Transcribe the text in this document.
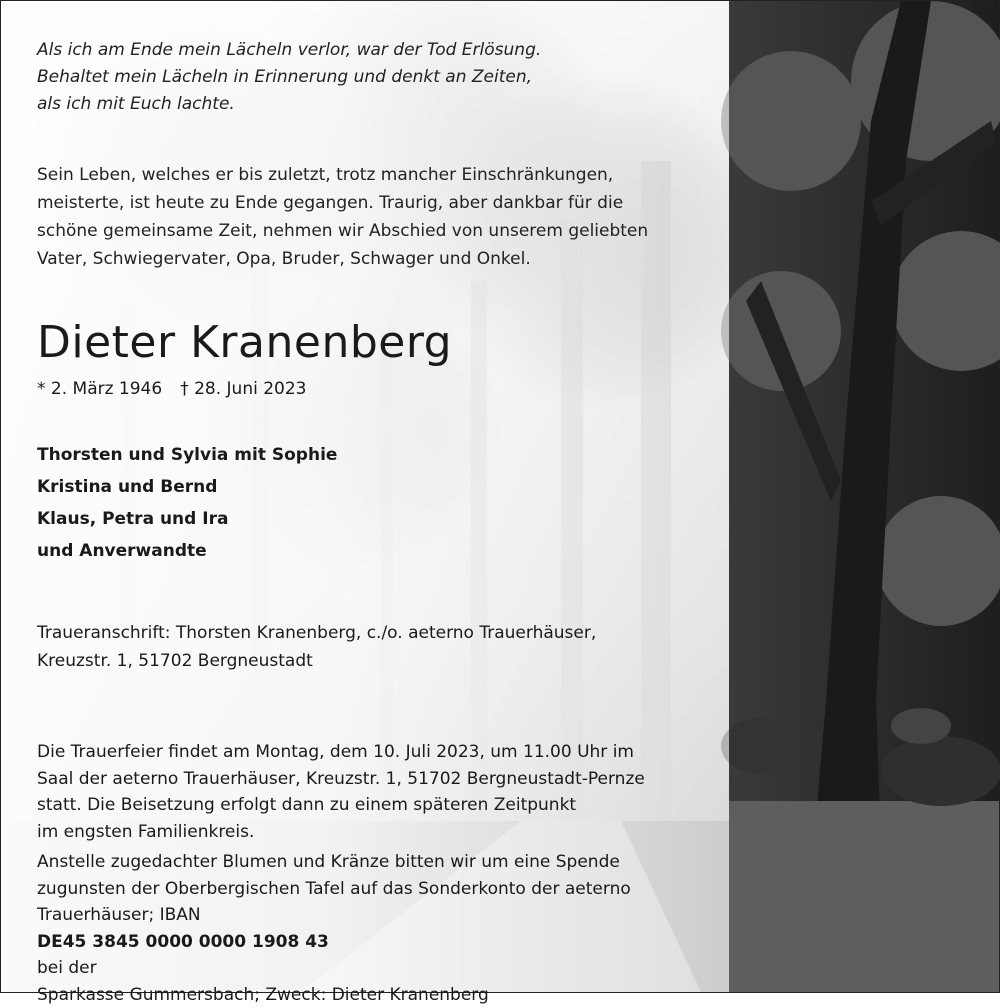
Als ich am Ende mein Lächeln verlor, war der Tod Erlösung.
Behaltet mein Lächeln in Erinnerung und denkt an Zeiten,
als ich mit Euch lachte.

Sein Leben, welches er bis zuletzt, trotz mancher Einschränkungen,
meisterte, ist heute zu Ende gegangen. Traurig, aber dankbar für die
schöne gemeinsame Zeit, nehmen wir Abschied von unserem geliebten
Vater, Schwiegervater, Opa, Bruder, Schwager und Onkel.

Dieter Kranenberg
* 2. März 1946 † 28. Juni 2023
Thorsten und Sylvia mit Sophie
Kristina und Bernd
Klaus, Petra und Ira
und Anverwandte
Traueranschrift: Thorsten Kranenberg, c./o. aeterno Trauerhäuser,
Kreuzstr. 1, 51702 Bergneustadt
Die Trauerfeier findet am Montag, dem 10. Juli 2023, um 11.00 Uhr im
Saal der aeterno Trauerhäuser, Kreuzstr. 1, 51702 Bergneustadt-Pernze
statt. Die Beisetzung erfolgt dann zu einem späteren Zeitpunkt
im engsten Familienkreis.
Anstelle zugedachter Blumen und Kränze bitten wir um eine Spende
zugunsten der Oberbergischen Tafel auf das Sonderkonto der aeterno
Trauerhäuser; IBAN
DE45 3845 0000 0000 1908 43
bei der
Sparkasse Gummersbach; Zweck: Dieter Kranenberg
